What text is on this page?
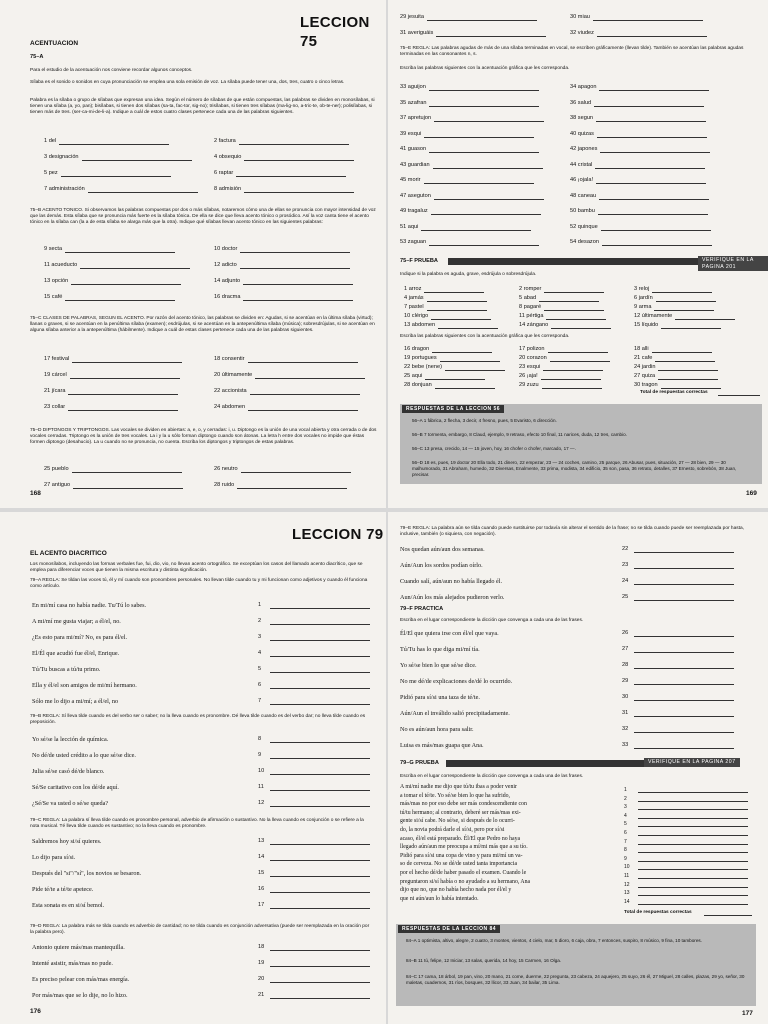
LECCION 75
ACENTUACION
75–A
Para el estudio de la acentuación nos conviene recordar algunos conceptos.
Sílaba es el sonido o sonidos en cuya pronunciación se emplea una sola emisión de voz. La sílaba puede tener una, dos, tres, cuatro o cinco letras.
Palabra es la sílaba o grupo de sílabas que expresan una idea. Según el número de sílabas de que están compuestas, las palabras se dividen en monosílabas, si tienen una sílaba (a, yo, pan); bisílabas, si tienen dos sílabas (sa-ta, fac-tor, sig-no); trisílabas, si tienen tres sílabas (ma-lig-no, a-tric-te, ob-te-ner); polisílabas, si tienen más de tres. (ser-ca-mi-de-li-a). Indique a cuál de estos cuatro clases pertenece cada una de las palabras siguientes.
1 del	2 factura
3 designación	4 obsequio
5 pez	6 raptar
7 administración	8 admisión
75–B ACENTO TONICO. Si observamos las palabras compuestas por dos o más sílabas, notaremos cómo una de ellas se pronuncia con mayor intensidad de voz que las demás. Esta sílaba que se pronuncia más fuerte es la sílaba tónica. De ella se dice que lleva acento tónico o prosódico. Así la voz canta tiene el acento tónico en la sílaba can (la a de esta sílaba se alarga más que la otra). Indique qué sílabas llevan acento tónico en las siguientes palabras:
9 secta	10 doctor
11 acueducto	12 adicto
13 opción	14 adjunto
15 café	16 dracma
75–C CLASES DE PALABRAS, SEGUN EL ACENTO. Por razón del acento tónico, las palabras se dividen en: Agudas, si se acentúan en la última sílaba (virtud); llanas o graves, si se acentúan en la penúltima sílaba (examen); esdrújulas, si se acentúan en la antepenúltima sílaba (música); sobresdrújulas, si se acentúan en alguna sílaba anterior a la antepenúltima (hábilmente). Indique a cuál de estas clases pertenece cada una de las palabras siguientes.
17 festival	18 consentir
19 cárcel	20 últimamente
21 jícara	22 accionista
23 collar	24 abdomen
75–D DIPTONGOS Y TRIPTONGOS. Las vocales se dividen en abiertas: a, e, o, y cerradas: i, u. Diptongo es la unión de una vocal abierta y otra cerrada o de dos vocales cerradas. Triptongo es la unión de tres vocales. La i y la u sólo forman diptongo cuando son átonas. La letra h entre dos vocales no impide que éstas formen diptongo (desahucio). La u cuando no se pronuncia, no cuenta. Escriba los diptongos y triptongos de estas palabras.
25 pueblo	26 neutro
27 antiguo	28 ruido
168
29 jesuita	30 miau
31 averiguáis	32 viudez
75–E REGLA: Las palabras agudas de más de una sílaba terminadas en vocal, se escriben gráficamente (llevan tilde). También se acentúan las palabras agudas terminadas en las consonantes n, s.
Escriba las palabras siguientes con la acentuación gráfica que les corresponda.
33 aguijon	34 apagon
35 azafran	36 salud
37 apretujon	38 segun
39 esqui	40 quizas
41 guason	42 japones
43 guardian	44 cristal
45 morir	46 ¡ojala!
47 aseguton	48 caneau
49 tragaluz	50 bambu
51 aqui	52 quinque
53 zaguan	54 desazon
75–F PRUEBA	VERIFIQUE EN LA PAGINA 201
Indique si la palabra es aguda, grave, esdrújula o sobresdrújula.
1 arroz	2 romper	3 reloj
4 jamás	5 abad	6 jardín
7 pastel	8 pagaré	9 arma
10 clérigo	11 pértiga	12 últimamente
13 abdomen	14 zángano	15 líquido
Escriba las palabras siguientes con la acentuación gráfica que les corresponda.
16 dragon	17 polizon	18 alli
19 portugues	20 corazon	21 cafe
22 bebe (nene)	23 esqui	24 jardin
25 aqui	26 ¡aja!	27 quiza
28 donjuan	29 zuzu	30 tragon
Total de respuestas correctas
RESPUESTAS DE LA LECCION 56
56–A 1 fábrica, 2 flecha, 3 decir, 4 fresno, pues, 5 Evaristo, 6 dirección.
56–B 7 tormenta, embargo, 8 Claud, ejemplo, 9 retraso, efecto 10 final, 11 narices, duda, 12 tres, cambio.
56–C 13 presa, crecido, 14 — 15 joven, hoy, 16 chofer o chofer, marcado, 17 —.
56–D 18 es, pues, 19 doctor 20 Ella todo, 21 dinero, 22 empezar, 23 — 24 coches, camino, 25 parque, 26 Abusar, pues, situación, 27 — 28 bien, 29 — 30 malhumorado, 31 Abraham, humedo, 32 Diversas, Enalmente, 33 prima, modista, 34 edificio, 35 son, pasa, 36 retrato, detalles, 37 Ernesto, sobrebón, 38 Juan, precisar.
169
LECCION 79
EL ACENTO DIACRITICO
Los monosílabos, incluyendo las formas verbales fue, fui, dio, vio, no llevan acento ortográfico. Se exceptúan los casos del llamado acento diacrítico, que se emplea para diferenciar voces que tienen la misma escritura y distinta significación.
79–A REGLA: Se tildan las voces tú, él y mí cuando son pronombres personales. No llevan tilde cuando tu y mi funcionan como adjetivos y cuando él funciona como artículo.
En mi/mí casa no había nadie. Tu/Tú lo sabes.	1
A mi/mí me gusta viajar; a él/el, no.	2
¿Es esto para mi/mí? No, es para él/el.	3
El/Él que acudió fue él/el, Enrique.	4
Tú/Tu buscas a tú/tu primo.	5
Ella y él/el son amigos de mi/mí hermano.	6
Sólo me lo dijo a mi/mí; a él/el, no	7
79–B REGLA: Sí lleva tilde cuando es del verbo ser o saber; no la lleva cuando es pronombre. Dé lleva tilde cuando es del verbo dar; no lleva tilde cuando es preposición.
Yo sé/se la lección de química.	8
No dé/de usted crédito a lo que sé/se dice.	9
Julia sé/se casó dé/de blanco.	10
Sé/Se caritativo con los dé/de aquí.	11
¿Sé/Se va usted o sé/se queda?	12
79–C REGLA: La palabra sí lleva tilde cuando es pronombre personal, adverbio de afirmación o sustantivo. No la lleva cuando es conjunción o se refiere a la nota musical. Té lleva tilde cuando es sustantivo; no la lleva cuando es pronombre.
Saldremos hoy si/sí quieres.	13
Lo dijo para sí/si.	14
Después del "si"/"sí", los novios se besaron.	15
Pide té/te a té/te apetece.	16
Esta sonata es en si/sí bemol.	17
79–D REGLA: La palabra más se tilda cuando es adverbio de cantidad; no se tilda cuando es conjunción adversativa (puede ser reemplazada en la oración por la palabra pero).
Antonio quiere más/mas mantequilla.	18
Intenté asistir, más/mas no pude.	19
Es preciso pelear con más/mas energía.	20
Por más/mas que se lo dije, no lo hizo.	21
176
79–E REGLA: La palabra aún se tilda cuando puede sustituirse por todavía sin alterar el sentido de la frase; no se tilda cuando puede ser reemplazada por hasta, inclusive, también (o siquiera, con negación).
Nos quedan aún/aun dos semanas.	22
Aún/Aun los sordos podían oírlo.	23
Cuando salí, aún/aun no había llegado él.	24
Aun/Aún los más alejados pudieron verlo.	25
79–F PRACTICA
Escriba en el lugar correspondiente la dicción que convenga a cada una de las frases.
Él/El que quiera irse con él/el que vaya.	26
Tú/Tu has lo que diga mi/mí tía.	27
Yo sé/se bien lo que sé/se dice.	28
No me dé/de explicaciones de/dé lo ocurrido.	29
Pidió para sí/si una taza de té/te.	30
Aún/Aun el inválido salió precipitadamente.	31
No es aún/aun hora para salir.	32
Luisa es más/mas guapa que Ana.	33
79–G PRUEBA	VERIFIQUE EN LA PAGINA 207
Escriba en el lugar correspondiente la dicción que convenga a cada una de las frases.
A mi/mí nadie me dijo que tú/tu ibas a poder venir
a tomar el té/te. Yo sé/se bien lo que ha sufrido,
más/mas no por eso debe ser más condescendiente con
tú/tu hermano; al contrario, deberé ser más/mas exi-
gente si/sí cabe. No sé/se, si después de lo ocurri-
do, la novia podrá darle el sí/si, pero por sí/si
acaso, él/el está preparado. Él/El que Pedro no haya
llegado aún/aun me preocupa a mí/mi más que a su tío.
Pidió para sí/si una copa de vino y para mi/mí un va-
so de cerveza. No se dé/de usted tanta importancia
por el hecho dé/de haber pasado el examen. Cuando le
preguntaron si/sí había o no ayudado a su hermano, Ana
dijo que no, que no había hecho nada por él/el y
que ni aún/aun lo había intentado.
1
2
3
4
5
6
7
8
9
10
11
12
13
14
Total de respuestas correctas
RESPUESTAS DE LA LECCION 84
84–A 1 optimista, altivo, alegre, 2 cuatro, 3 montes, vientos, 4 cielo, mar, 5 dioro, 6 caja, obra, 7 entonces, suspiro, 8 músico, 9 fina, 10 tambores.
84–B 11 tú, felipe, 12 Iniciar, 13 salas, querida, 14 hoy, 15 Carmen, 16 Olga.
84–C 17 cama, 18 árbol, 19 pan, vino, 20 mano, 21 come, duerme, 22 pregunta, 23 cabeza, 24 aquejero, 25 suyo, 26 él, 27 Miguel, 28 calles, plazas, 29 yo, señor, 30 maletas, cuadernos, 31 ríos, bosques, 32 llicor, 33 Juan, 34 bailar, 35 Lima.
177
